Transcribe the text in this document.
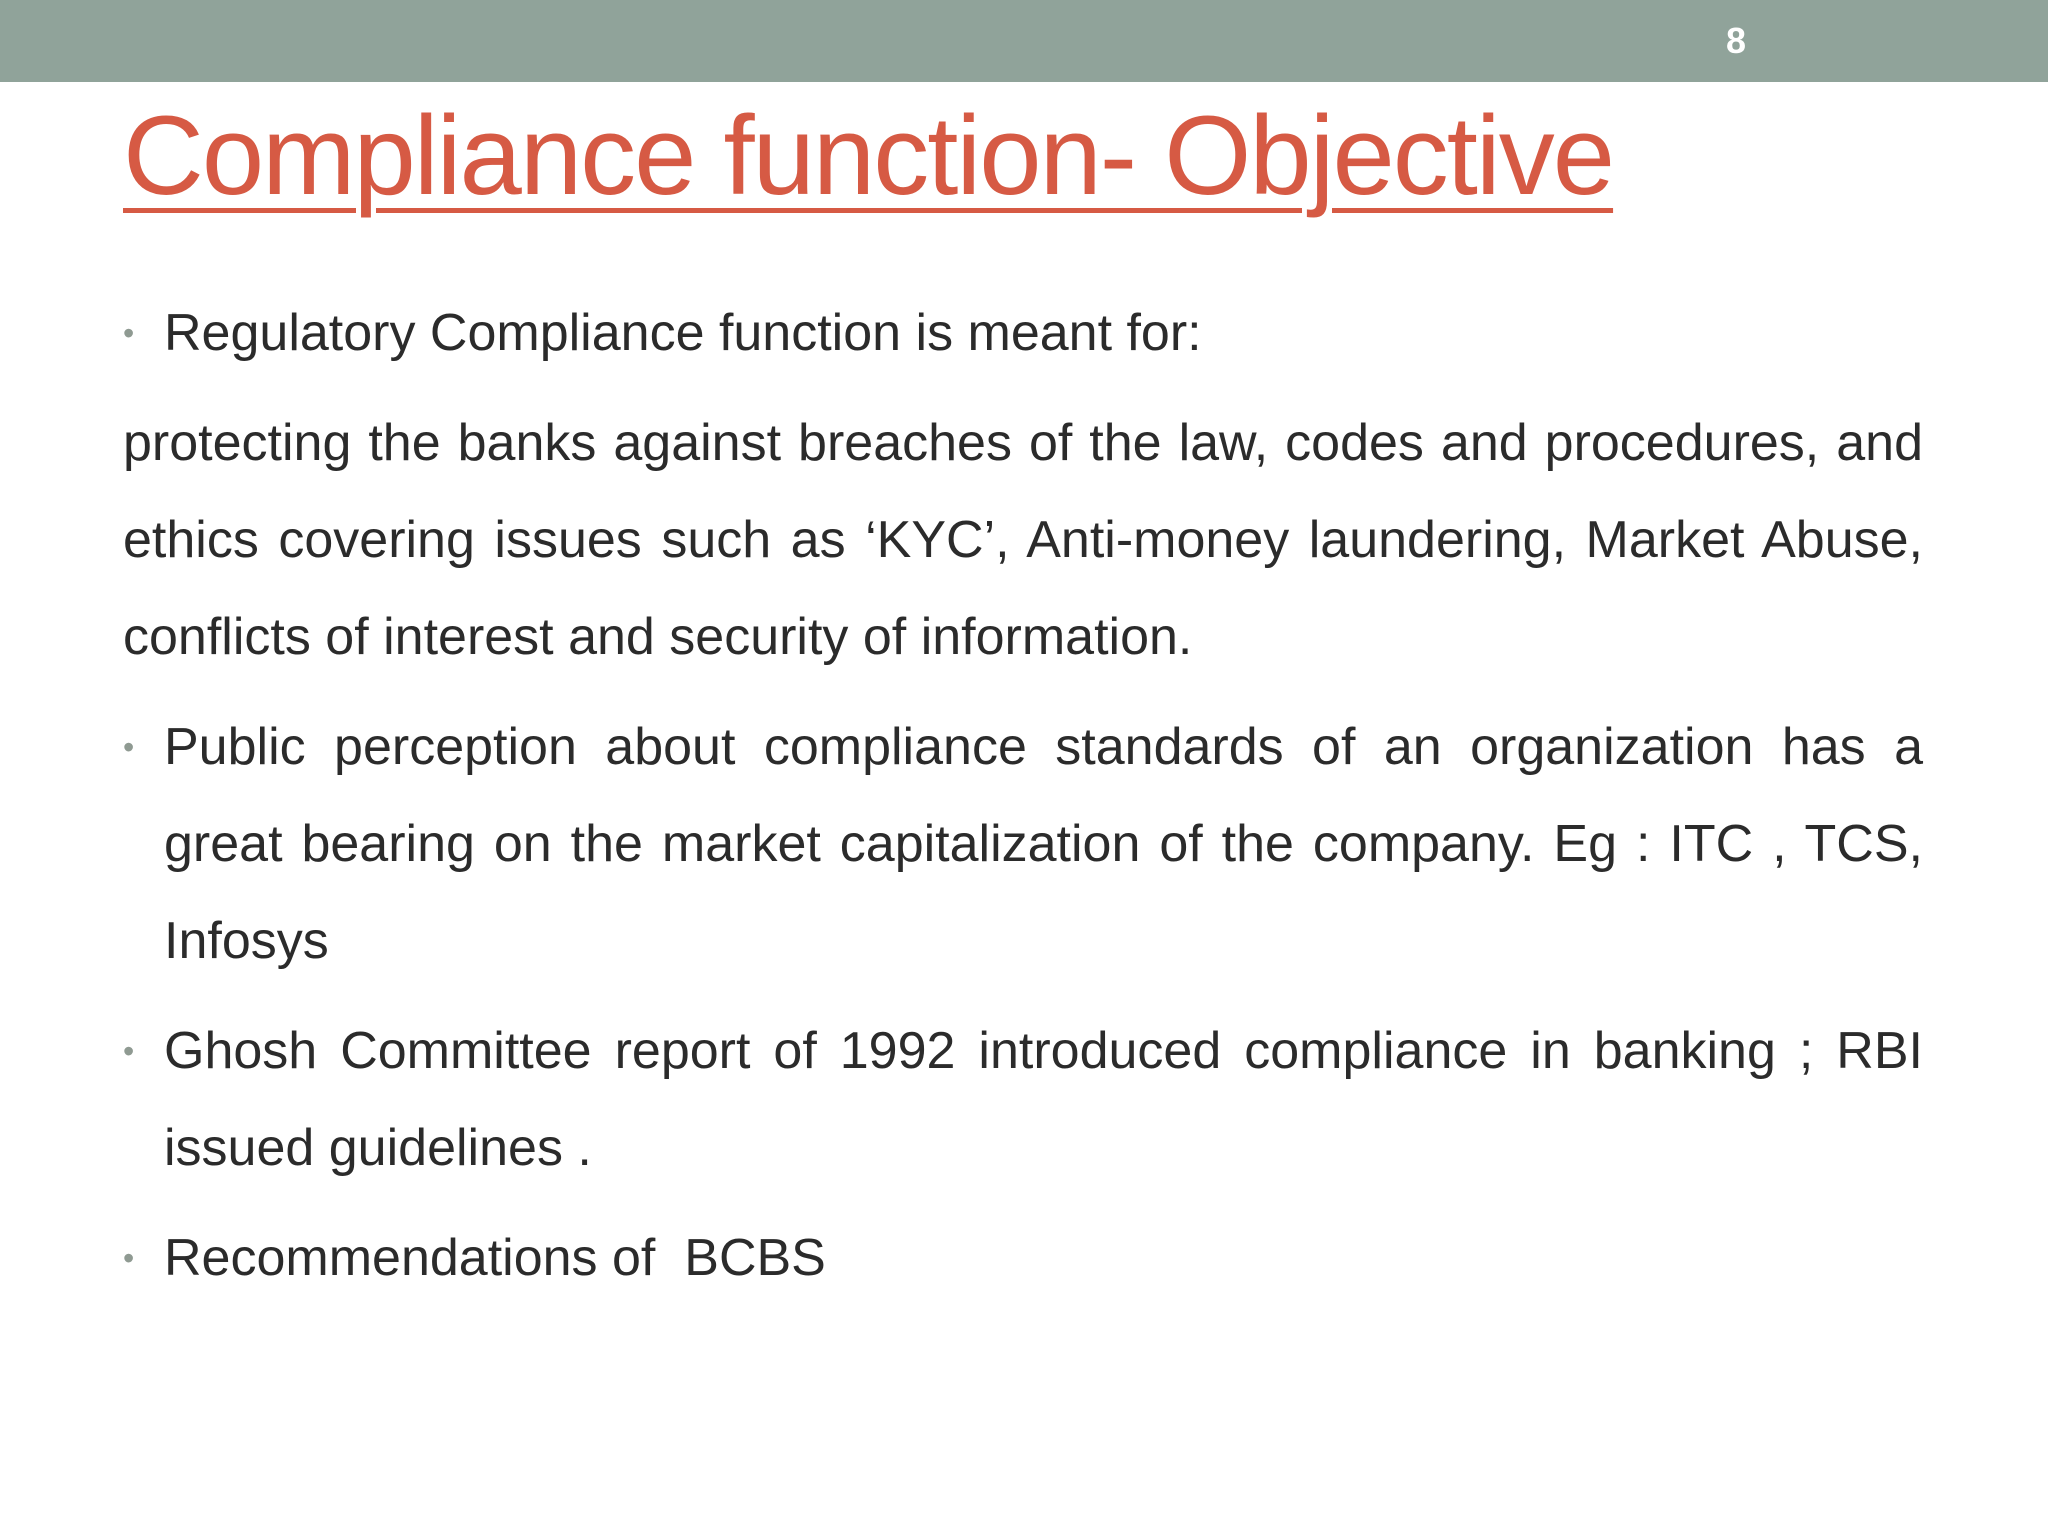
8
Compliance function- Objective

• Regulatory Compliance function is meant for:

protecting the banks against breaches of the law, codes and procedures, and ethics covering issues such as ‘KYC’, Anti-money laundering, Market Abuse, conflicts of interest and security of information.

• Public perception about compliance standards of an organization has a great bearing on the market capitalization of the company. Eg : ITC , TCS, Infosys

• Ghosh Committee report of 1992 introduced compliance in banking ; RBI issued guidelines .

• Recommendations of  BCBS
